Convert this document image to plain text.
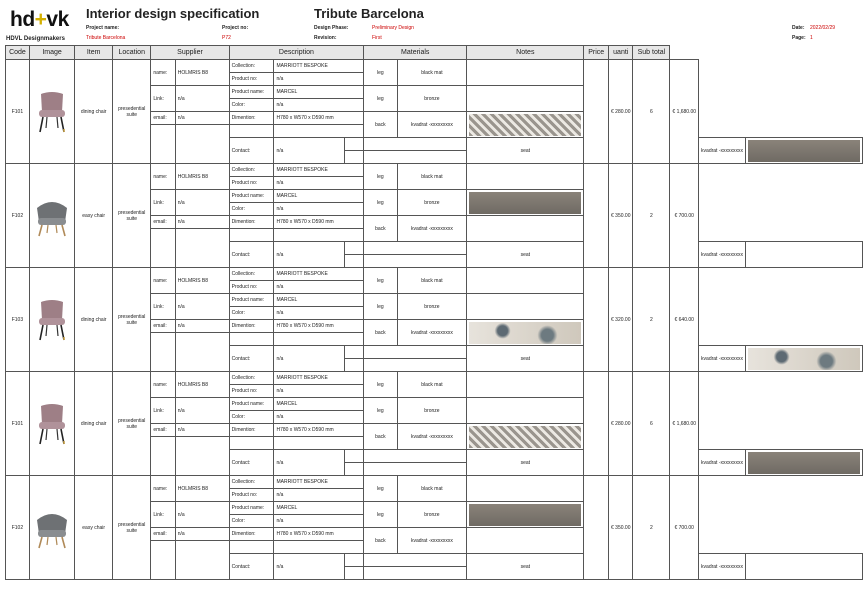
hd+vk
HDVL Designmakers
Interior design specification	Tribute Barcelona
Project name:
Tribute Barcelona
Project no:
P72
Design Phase:	Preliminary Design
Revision:	First
Date: 2022/02/29
Page: 1
Code	Image	Item	Location	Supplier		Description			Materials		Notes	Price	uanti	Sub total			
F101		dining chair	presedential suite	name:	HOLMRIS B8	Collection:	MARRIOTT BESPOKE		leg	black mat			€ 280.00	6	€ 1,680.00		
						Product no:	n/a										
				Link:	n/a	Product name:	MARCEL		leg	bronze							
						Color:	n/a										
				email:	n/a	Dimention:	H780 x W570 x D590 mm		back	kvadrat -xxxxxxxxx							

						Contact:	n/a				seat					kvadrat -xxxxxxxxx	

F102		easy chair	presedential suite	name:	HOLMRIS B8	Collection:	MARRIOTT BESPOKE		leg	black mat			€ 350.00	2	€ 700.00		
						Product no:	n/a										
				Link:	n/a	Product name:	MARCEL		leg	bronze							

						Color:	n/a										
				email:	n/a	Dimention:	H780 x W570 x D590 mm		back	kvadrat -xxxxxxxxx							

						Contact:	n/a				seat					kvadrat -xxxxxxxxx	

F103		dining chair	presedential suite	name:	HOLMRIS B8	Collection:	MARRIOTT BESPOKE		leg	black mat			€ 320.00	2	€ 640.00		
						Product no:	n/a										
				Link:	n/a	Product name:	MARCEL		leg	bronze							
						Color:	n/a										
				email:	n/a	Dimention:	H780 x W570 x D590 mm		back	kvadrat -xxxxxxxxx							

						Contact:	n/a				seat					kvadrat -xxxxxxxxx	

F101		dining chair	presedential suite	name:	HOLMRIS B8	Collection:	MARRIOTT BESPOKE		leg	black mat			€ 280.00	6	€ 1,680.00		
						Product no:	n/a										
				Link:	n/a	Product name:	MARCEL		leg	bronze							
						Color:	n/a										
				email:	n/a	Dimention:	H780 x W570 x D590 mm		back	kvadrat -xxxxxxxxx							

						Contact:	n/a				seat					kvadrat -xxxxxxxxx	

F102		easy chair	presedential suite	name:	HOLMRIS B8	Collection:	MARRIOTT BESPOKE		leg	black mat			€ 350.00	2	€ 700.00		
						Product no:	n/a										
				Link:	n/a	Product name:	MARCEL		leg	bronze							

						Color:	n/a										
				email:	n/a	Dimention:	H780 x W570 x D590 mm		back	kvadrat -xxxxxxxxx							

						Contact:	n/a				seat					kvadrat -xxxxxxxxx	
